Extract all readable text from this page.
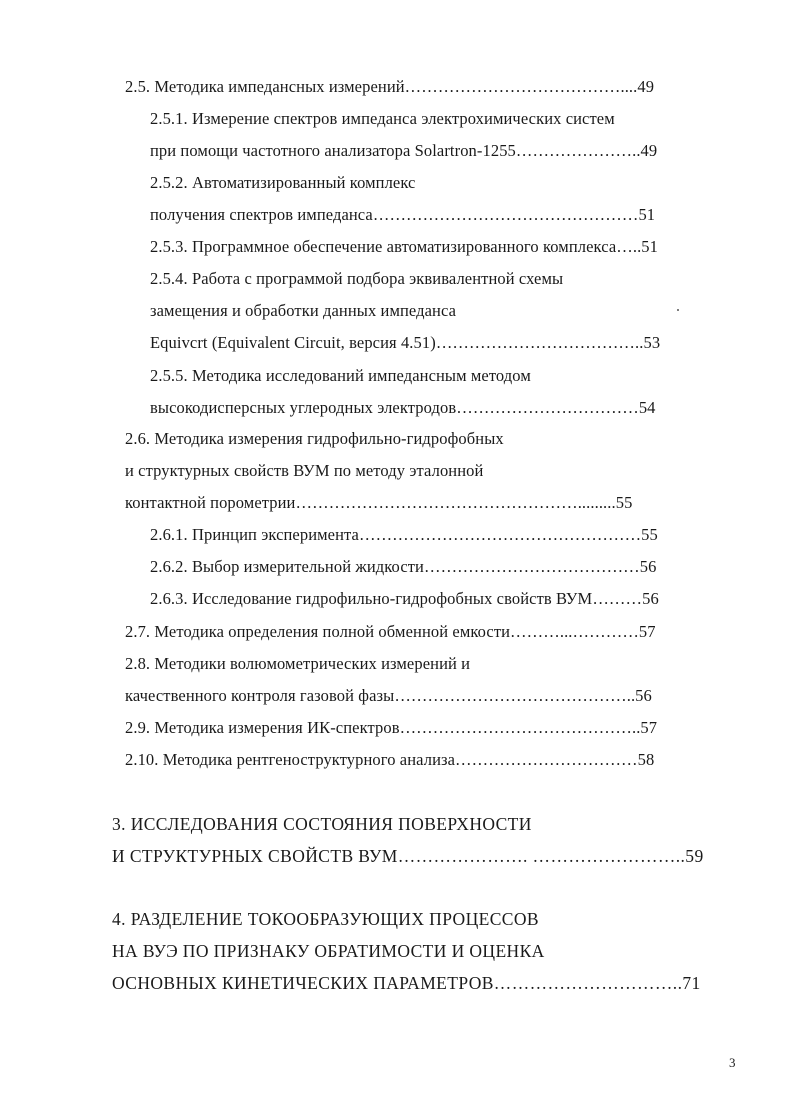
2.5. Методика импедансных измерений…………………………………....49
2.5.1. Измерение спектров импеданса электрохимических систем
при помощи частотного анализатора Solartron-1255…………………..49
2.5.2. Автоматизированный комплекс
получения спектров импеданса…………………………………………51
2.5.3. Программное обеспечение автоматизированного комплекса…..51
2.5.4. Работа с программой подбора эквивалентной схемы
замещения и обработки данных импеданса
Equivcrt (Equivalent Circuit, версия 4.51)………………………………..53
2.5.5. Методика исследований импедансным методом
высокодисперсных углеродных электродов……………………………54
2.6. Методика измерения гидрофильно-гидрофобных
и структурных свойств ВУМ по методу эталонной
контактной порометрии…………………………………………….........55
2.6.1. Принцип эксперимента……………………………………………55
2.6.2. Выбор измерительной жидкости…………………………………56
2.6.3. Исследование гидрофильно-гидрофобных свойств ВУМ………56
2.7. Методика определения полной обменной емкости………...…………57
2.8. Методики волюмометрических измерений и
качественного контроля газовой фазы……………………………………..56
2.9. Методика измерения ИК-спектров……………………………………..57
2.10. Методика рентгеноструктурного анализа……………………………58
3. ИССЛЕДОВАНИЯ СОСТОЯНИЯ ПОВЕРХНОСТИ
И СТРУКТУРНЫХ СВОЙСТВ ВУМ…………………. ……………………..59
4. РАЗДЕЛЕНИЕ ТОКООБРАЗУЮЩИХ ПРОЦЕССОВ
НА ВУЭ ПО ПРИЗНАКУ ОБРАТИМОСТИ И ОЦЕНКА
ОСНОВНЫХ КИНЕТИЧЕСКИХ ПАРАМЕТРОВ…………………………..71
3
